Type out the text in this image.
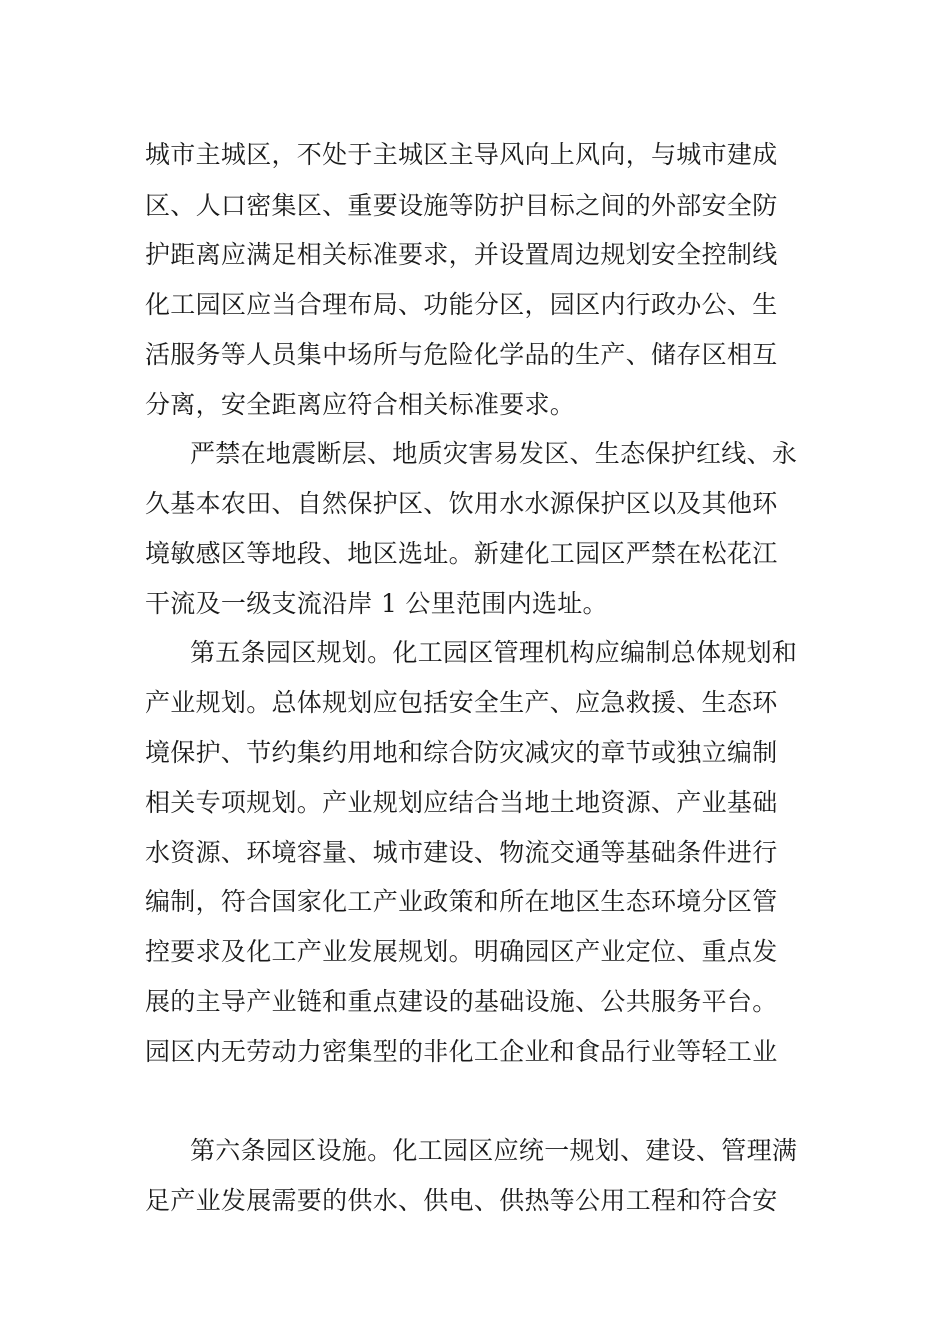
城市主城区，不处于主城区主导风向上风向，与城市建成
区、人口密集区、重要设施等防护目标之间的外部安全防
护距离应满足相关标准要求，并设置周边规划安全控制线
化工园区应当合理布局、功能分区，园区内行政办公、生
活服务等人员集中场所与危险化学品的生产、储存区相互
分离，安全距离应符合相关标准要求。
严禁在地震断层、地质灾害易发区、生态保护红线、永
久基本农田、自然保护区、饮用水水源保护区以及其他环
境敏感区等地段、地区选址。新建化工园区严禁在松花江
干流及一级支流沿岸 1 公里范围内选址。
第五条园区规划。化工园区管理机构应编制总体规划和
产业规划。总体规划应包括安全生产、应急救援、生态环
境保护、节约集约用地和综合防灾减灾的章节或独立编制
相关专项规划。产业规划应结合当地土地资源、产业基础
水资源、环境容量、城市建设、物流交通等基础条件进行
编制，符合国家化工产业政策和所在地区生态环境分区管
控要求及化工产业发展规划。明确园区产业定位、重点发
展的主导产业链和重点建设的基础设施、公共服务平台。
园区内无劳动力密集型的非化工企业和食品行业等轻工业
第六条园区设施。化工园区应统一规划、建设、管理满
足产业发展需要的供水、供电、供热等公用工程和符合安
